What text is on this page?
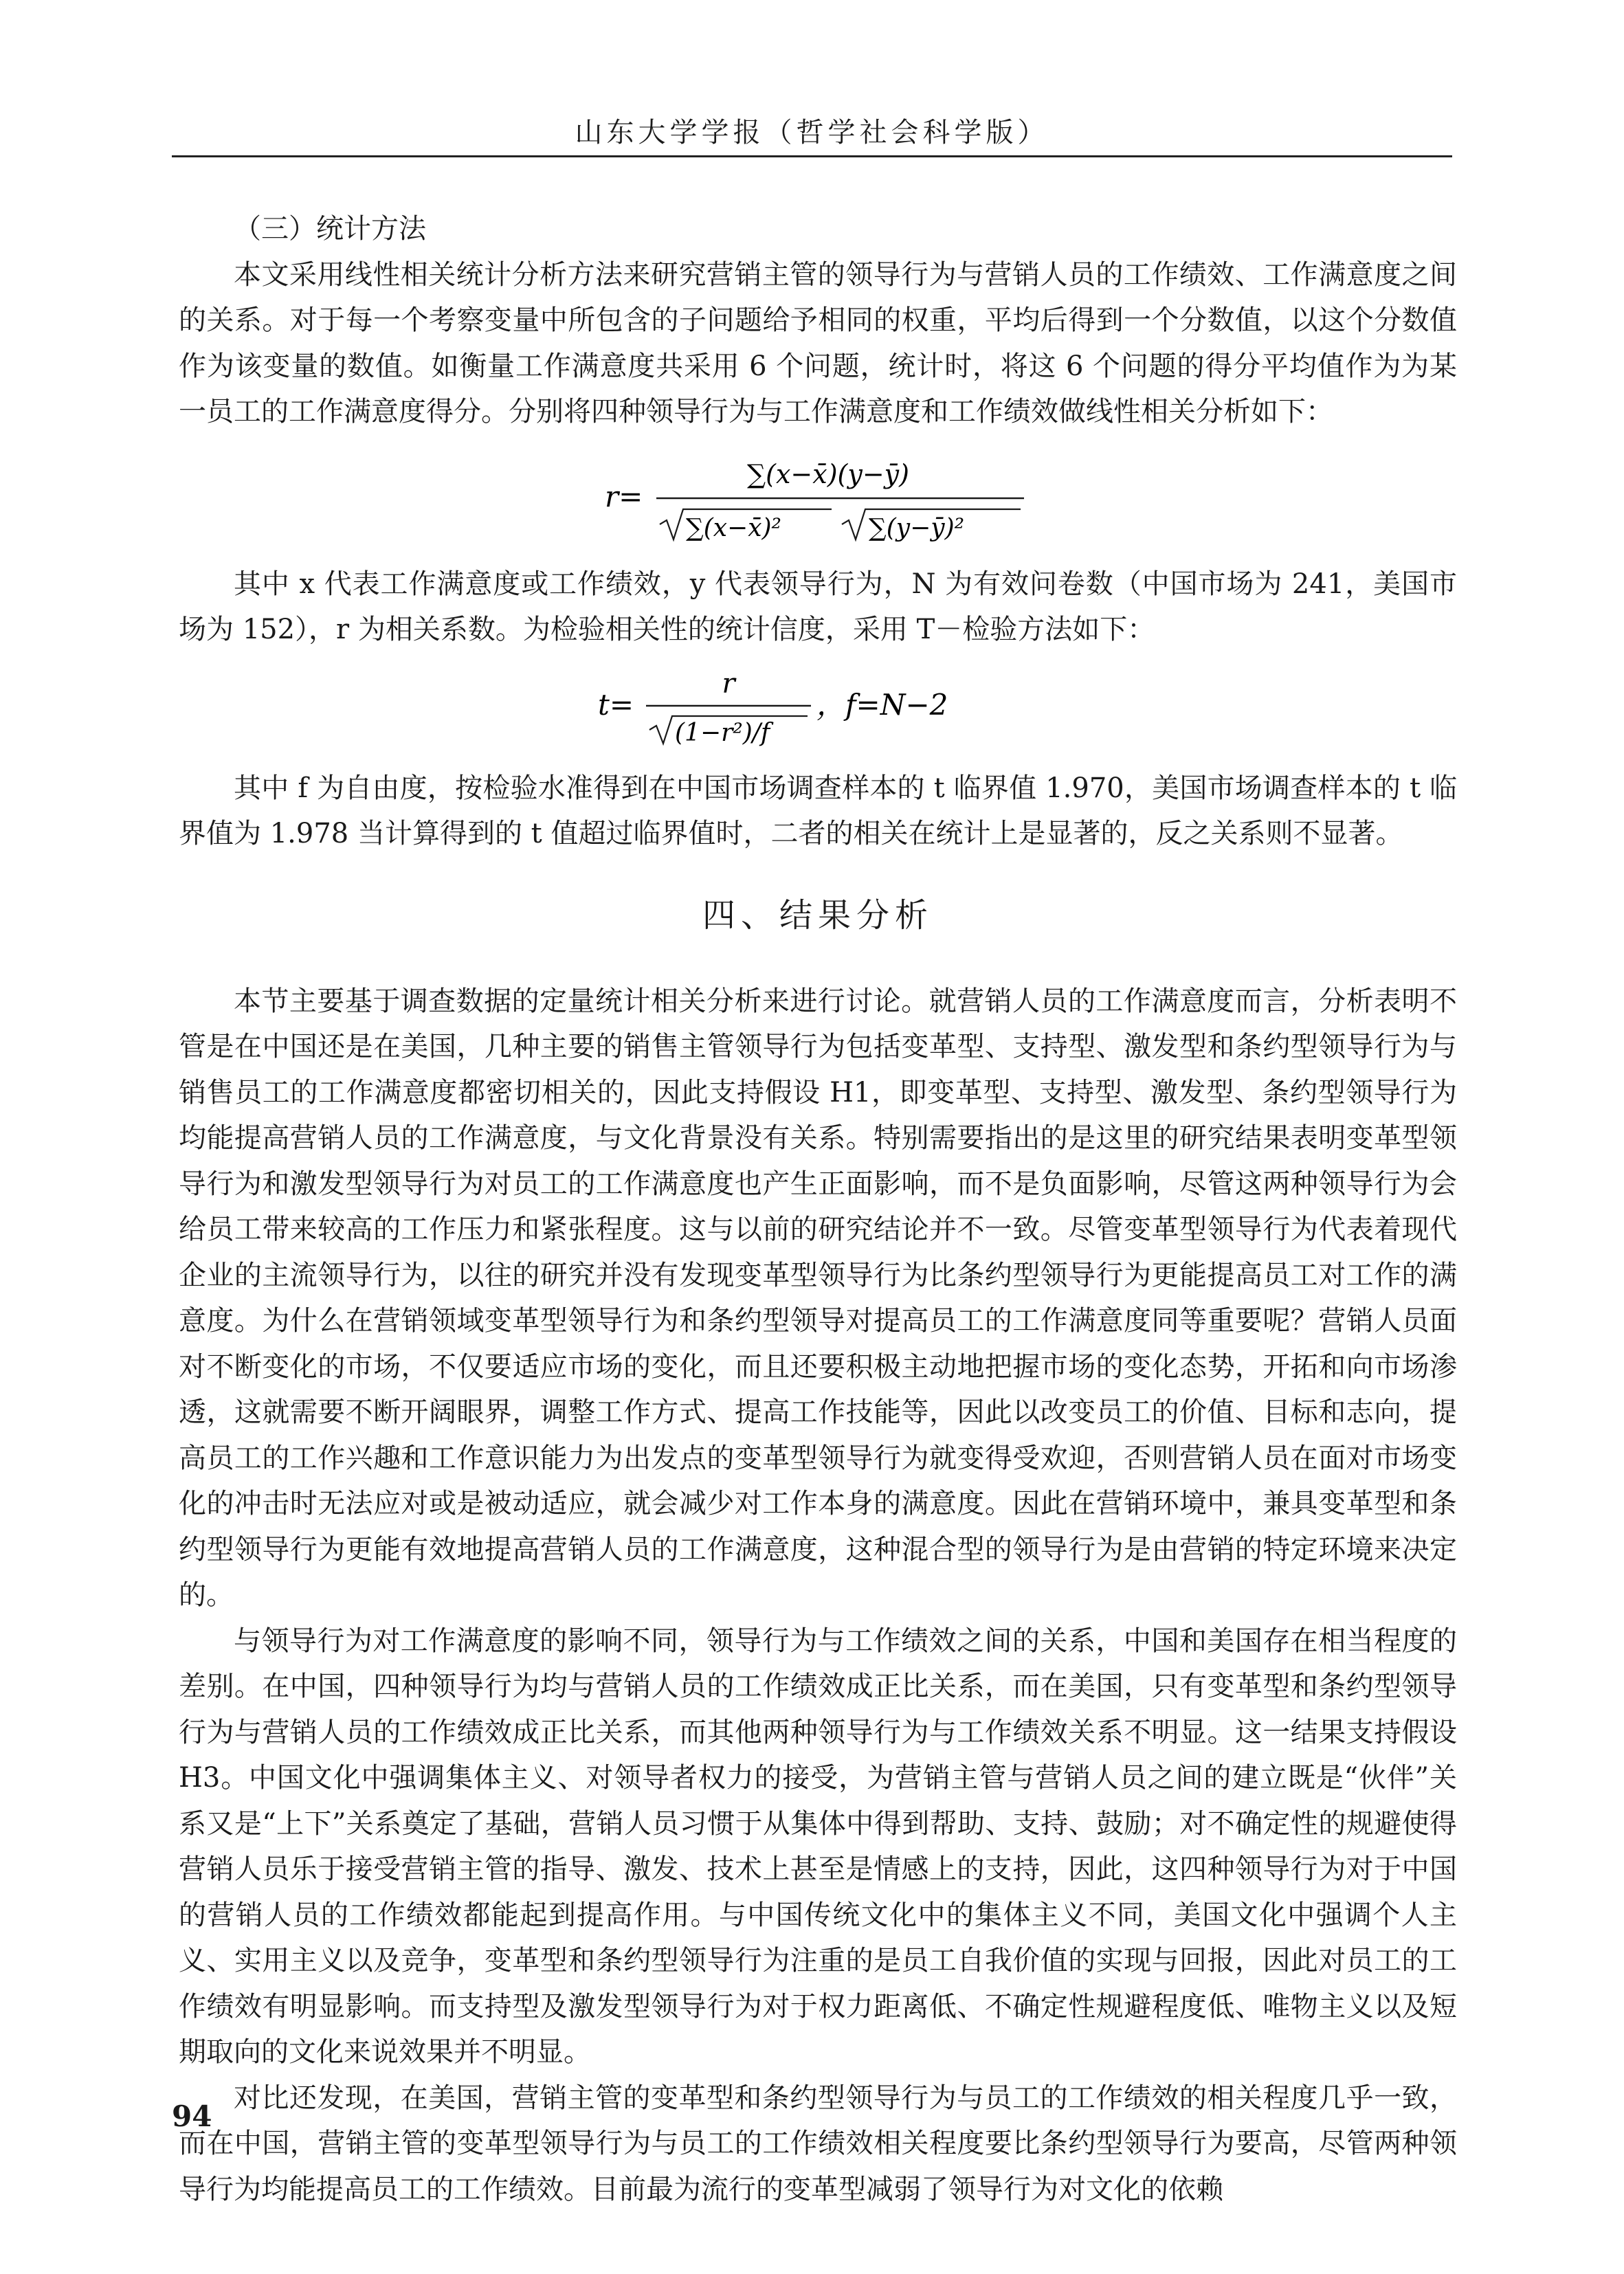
山东大学学报（哲学社会科学版）

（三）统计方法

本文采用线性相关统计分析方法来研究营销主管的领导行为与营销人员的工作绩效、工作满意度之间的关系。对于每一个考察变量中所包含的子问题给予相同的权重，平均后得到一个分数值，以这个分数值作为该变量的数值。如衡量工作满意度共采用 6 个问题，统计时，将这 6 个问题的得分平均值作为为某一员工的工作满意度得分。分别将四种领导行为与工作满意度和工作绩效做线性相关分析如下：

r=
∑(x−x̄)(y−ȳ)
∑(x−x̄)²	∑(y−ȳ)²

其中 x 代表工作满意度或工作绩效，y 代表领导行为，N 为有效问卷数（中国市场为 241，美国市场为 152），r 为相关系数。为检验相关性的统计信度，采用 T－检验方法如下：

t=
r
(1−r²)/f
，f=N−2

其中 f 为自由度，按检验水准得到在中国市场调查样本的 t 临界值 1.970，美国市场调查样本的 t 临界值为 1.978 当计算得到的 t 值超过临界值时，二者的相关在统计上是显著的，反之关系则不显著。

四、结果分析

本节主要基于调查数据的定量统计相关分析来进行讨论。就营销人员的工作满意度而言，分析表明不管是在中国还是在美国，几种主要的销售主管领导行为包括变革型、支持型、激发型和条约型领导行为与销售员工的工作满意度都密切相关的，因此支持假设 H1，即变革型、支持型、激发型、条约型领导行为均能提高营销人员的工作满意度，与文化背景没有关系。特别需要指出的是这里的研究结果表明变革型领导行为和激发型领导行为对员工的工作满意度也产生正面影响，而不是负面影响，尽管这两种领导行为会给员工带来较高的工作压力和紧张程度。这与以前的研究结论并不一致。尽管变革型领导行为代表着现代企业的主流领导行为，以往的研究并没有发现变革型领导行为比条约型领导行为更能提高员工对工作的满意度。为什么在营销领域变革型领导行为和条约型领导对提高员工的工作满意度同等重要呢？营销人员面对不断变化的市场，不仅要适应市场的变化，而且还要积极主动地把握市场的变化态势，开拓和向市场渗透，这就需要不断开阔眼界，调整工作方式、提高工作技能等，因此以改变员工的价值、目标和志向，提高员工的工作兴趣和工作意识能力为出发点的变革型领导行为就变得受欢迎，否则营销人员在面对市场变化的冲击时无法应对或是被动适应，就会减少对工作本身的满意度。因此在营销环境中，兼具变革型和条约型领导行为更能有效地提高营销人员的工作满意度，这种混合型的领导行为是由营销的特定环境来决定的。

与领导行为对工作满意度的影响不同，领导行为与工作绩效之间的关系，中国和美国存在相当程度的差别。在中国，四种领导行为均与营销人员的工作绩效成正比关系，而在美国，只有变革型和条约型领导行为与营销人员的工作绩效成正比关系，而其他两种领导行为与工作绩效关系不明显。这一结果支持假设 H3。中国文化中强调集体主义、对领导者权力的接受，为营销主管与营销人员之间的建立既是“伙伴”关系又是“上下”关系奠定了基础，营销人员习惯于从集体中得到帮助、支持、鼓励；对不确定性的规避使得营销人员乐于接受营销主管的指导、激发、技术上甚至是情感上的支持，因此，这四种领导行为对于中国的营销人员的工作绩效都能起到提高作用。与中国传统文化中的集体主义不同，美国文化中强调个人主义、实用主义以及竞争，变革型和条约型领导行为注重的是员工自我价值的实现与回报，因此对员工的工作绩效有明显影响。而支持型及激发型领导行为对于权力距离低、不确定性规避程度低、唯物主义以及短期取向的文化来说效果并不明显。

对比还发现，在美国，营销主管的变革型和条约型领导行为与员工的工作绩效的相关程度几乎一致，而在中国，营销主管的变革型领导行为与员工的工作绩效相关程度要比条约型领导行为要高，尽管两种领导行为均能提高员工的工作绩效。目前最为流行的变革型减弱了领导行为对文化的依赖

94
